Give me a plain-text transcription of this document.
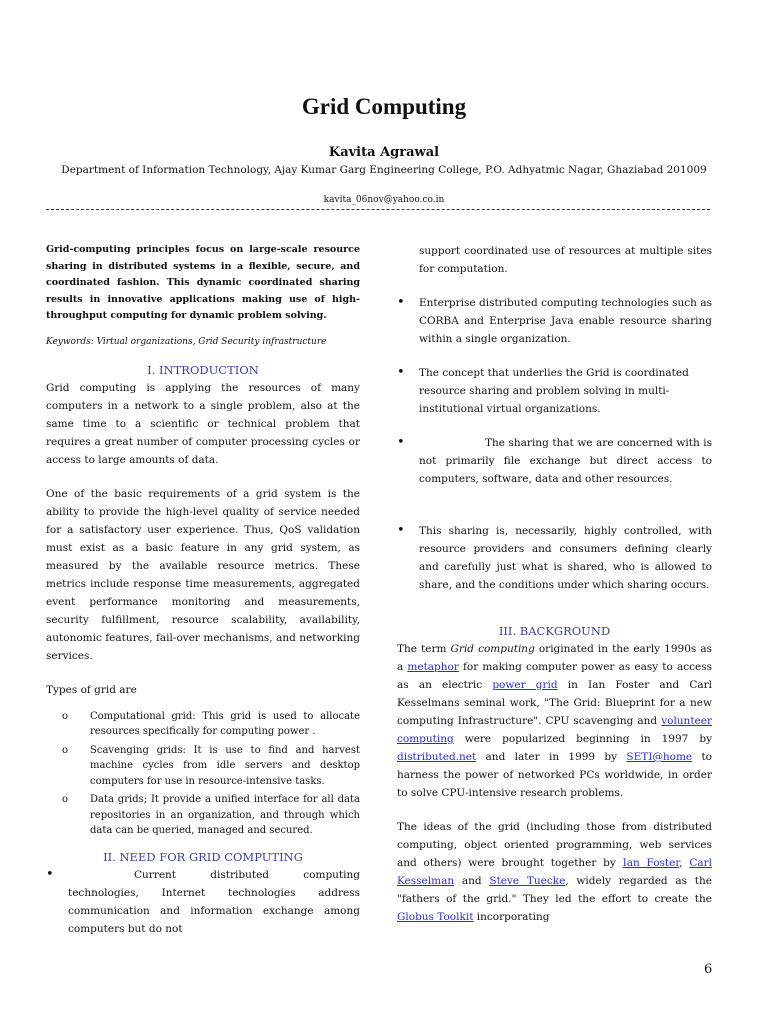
Grid Computing
Kavita Agrawal
Department of Information Technology, Ajay Kumar Garg Engineering College, P.O. Adhyatmic Nagar, Ghaziabad 201009
kavita_06nov@yahoo.co.in

Grid-computing principles focus on large-scale resource sharing in distributed systems in a flexible, secure, and coordinated fashion. This dynamic coordinated sharing results in innovative applications making use of high-throughput computing for dynamic problem solving.

Keywords: Virtual organizations, Grid Security infrastructure

I. INTRODUCTION

Grid computing is applying the resources of many computers in a network to a single problem, also at the same time to a scientific or technical problem that requires a great number of computer processing cycles or access to large amounts of data.

One of the basic requirements of a grid system is the ability to provide the high-level quality of service needed for a satisfactory user experience. Thus, QoS validation must exist as a basic feature in any grid system, as measured by the available resource metrics. These metrics include response time measurements, aggregated event performance monitoring and measurements, security fulfillment, resource scalability, availability, autonomic features, fail-over mechanisms, and networking services.

Types of grid are

o Computational grid: This grid is used to allocate resources specifically for computing power .
o Scavenging grids: It is use to find and harvest machine cycles from idle servers and desktop computers for use in resource-intensive tasks.
o Data grids; It provide a unified interface for all data repositories in an organization, and through which data can be queried, managed and secured.

II. NEED FOR GRID COMPUTING

•	Current distributed computing technologies, Internet technologies address communication and information exchange among computers but do not

support coordinated use of resources at multiple sites for computation.

• Enterprise distributed computing technologies such as CORBA and Enterprise Java enable resource sharing within a single organization.

• The concept that underlies the Grid is coordinated resource sharing and problem solving in multi-institutional virtual organizations.

•	The sharing that we are concerned with is not primarily file exchange but direct access to computers, software, data and other resources.

• This sharing is, necessarily, highly controlled, with resource providers and consumers defining clearly and carefully just what is shared, who is allowed to share, and the conditions under which sharing occurs.

III. BACKGROUND

The term Grid computing originated in the early 1990s as a metaphor for making computer power as easy to access as an electric power grid in Ian Foster and Carl Kesselmans seminal work, "The Grid: Blueprint for a new computing Infrastructure". CPU scavenging and volunteer computing were popularized beginning in 1997 by distributed.net and later in 1999 by SETI@home to harness the power of networked PCs worldwide, in order to solve CPU-intensive research problems.

The ideas of the grid (including those from distributed computing, object oriented programming, web services and others) were brought together by Ian Foster, Carl Kesselman and Steve Tuecke, widely regarded as the "fathers of the grid." They led the effort to create the Globus Toolkit incorporating

6
